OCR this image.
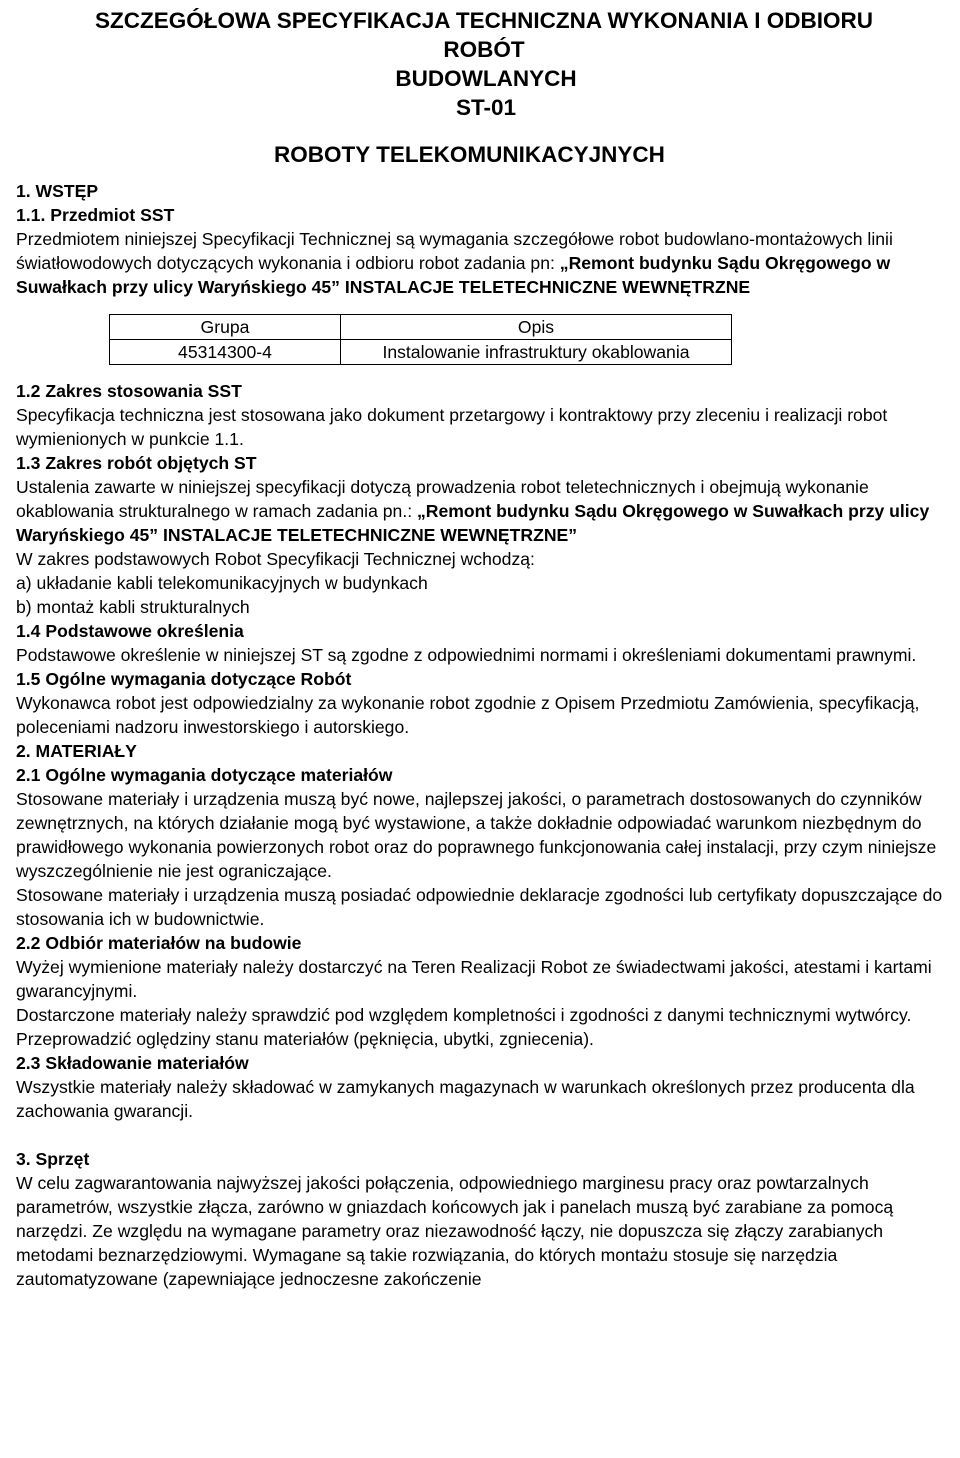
SZCZEGÓŁOWA SPECYFIKACJA TECHNICZNA WYKONANIA I ODBIORU ROBÓT

BUDOWLANYCH

ST-01

ROBOTY TELEKOMUNIKACYJNYCH

1. WSTĘP

1.1. Przedmiot SST

Przedmiotem niniejszej Specyfikacji Technicznej są wymagania szczegółowe robot budowlano-montażowych linii światłowodowych dotyczących wykonania i odbioru robot zadania pn: „Remont budynku Sądu Okręgowego w Suwałkach przy ulicy Waryńskiego 45” INSTALACJE TELETECHNICZNE WEWNĘTRZNE

Grupa	Opis
45314300-4	Instalowanie infrastruktury okablowania

1.2 Zakres stosowania SST

Specyfikacja techniczna jest stosowana jako dokument przetargowy i kontraktowy przy zleceniu i realizacji robot wymienionych w punkcie 1.1.

1.3 Zakres robót objętych ST

Ustalenia zawarte w niniejszej specyfikacji dotyczą prowadzenia robot teletechnicznych i obejmują wykonanie okablowania strukturalnego w ramach zadania pn.: „Remont budynku Sądu Okręgowego w Suwałkach przy ulicy Waryńskiego 45” INSTALACJE TELETECHNICZNE WEWNĘTRZNE”

W zakres podstawowych Robot Specyfikacji Technicznej wchodzą:

a) układanie kabli telekomunikacyjnych w budynkach

b) montaż kabli strukturalnych

1.4 Podstawowe określenia

Podstawowe określenie w niniejszej ST są zgodne z odpowiednimi normami i określeniami dokumentami prawnymi.

1.5 Ogólne wymagania dotyczące Robót

Wykonawca robot jest odpowiedzialny za wykonanie robot zgodnie z Opisem Przedmiotu Zamówienia, specyfikacją, poleceniami nadzoru inwestorskiego i autorskiego.

2. MATERIAŁY

2.1 Ogólne wymagania dotyczące materiałów

Stosowane materiały i urządzenia muszą być nowe, najlepszej jakości, o parametrach dostosowanych do czynników zewnętrznych, na których działanie mogą być wystawione, a także dokładnie odpowiadać warunkom niezbędnym do prawidłowego wykonania powierzonych robot oraz do poprawnego funkcjonowania całej instalacji, przy czym niniejsze wyszczególnienie nie jest ograniczające.

Stosowane materiały i urządzenia muszą posiadać odpowiednie deklaracje zgodności lub certyfikaty dopuszczające do stosowania ich w budownictwie.

2.2 Odbiór materiałów na budowie

Wyżej wymienione materiały należy dostarczyć na Teren Realizacji Robot ze świadectwami jakości, atestami i kartami gwarancyjnymi.

Dostarczone materiały należy sprawdzić pod względem kompletności i zgodności z danymi technicznymi wytwórcy. Przeprowadzić oględziny stanu materiałów (pęknięcia, ubytki, zgniecenia).

2.3 Składowanie materiałów

Wszystkie materiały należy składować w zamykanych magazynach w warunkach określonych przez producenta dla zachowania gwarancji.

3. Sprzęt

W celu zagwarantowania najwyższej jakości połączenia, odpowiedniego marginesu pracy oraz powtarzalnych parametrów, wszystkie złącza, zarówno w gniazdach końcowych jak i panelach muszą być zarabiane za pomocą narzędzi. Ze względu na wymagane parametry oraz niezawodność łączy, nie dopuszcza się złączy zarabianych metodami beznarzędziowymi. Wymagane są takie rozwiązania, do których montażu stosuje się narzędzia zautomatyzowane (zapewniające jednoczesne zakończenie
